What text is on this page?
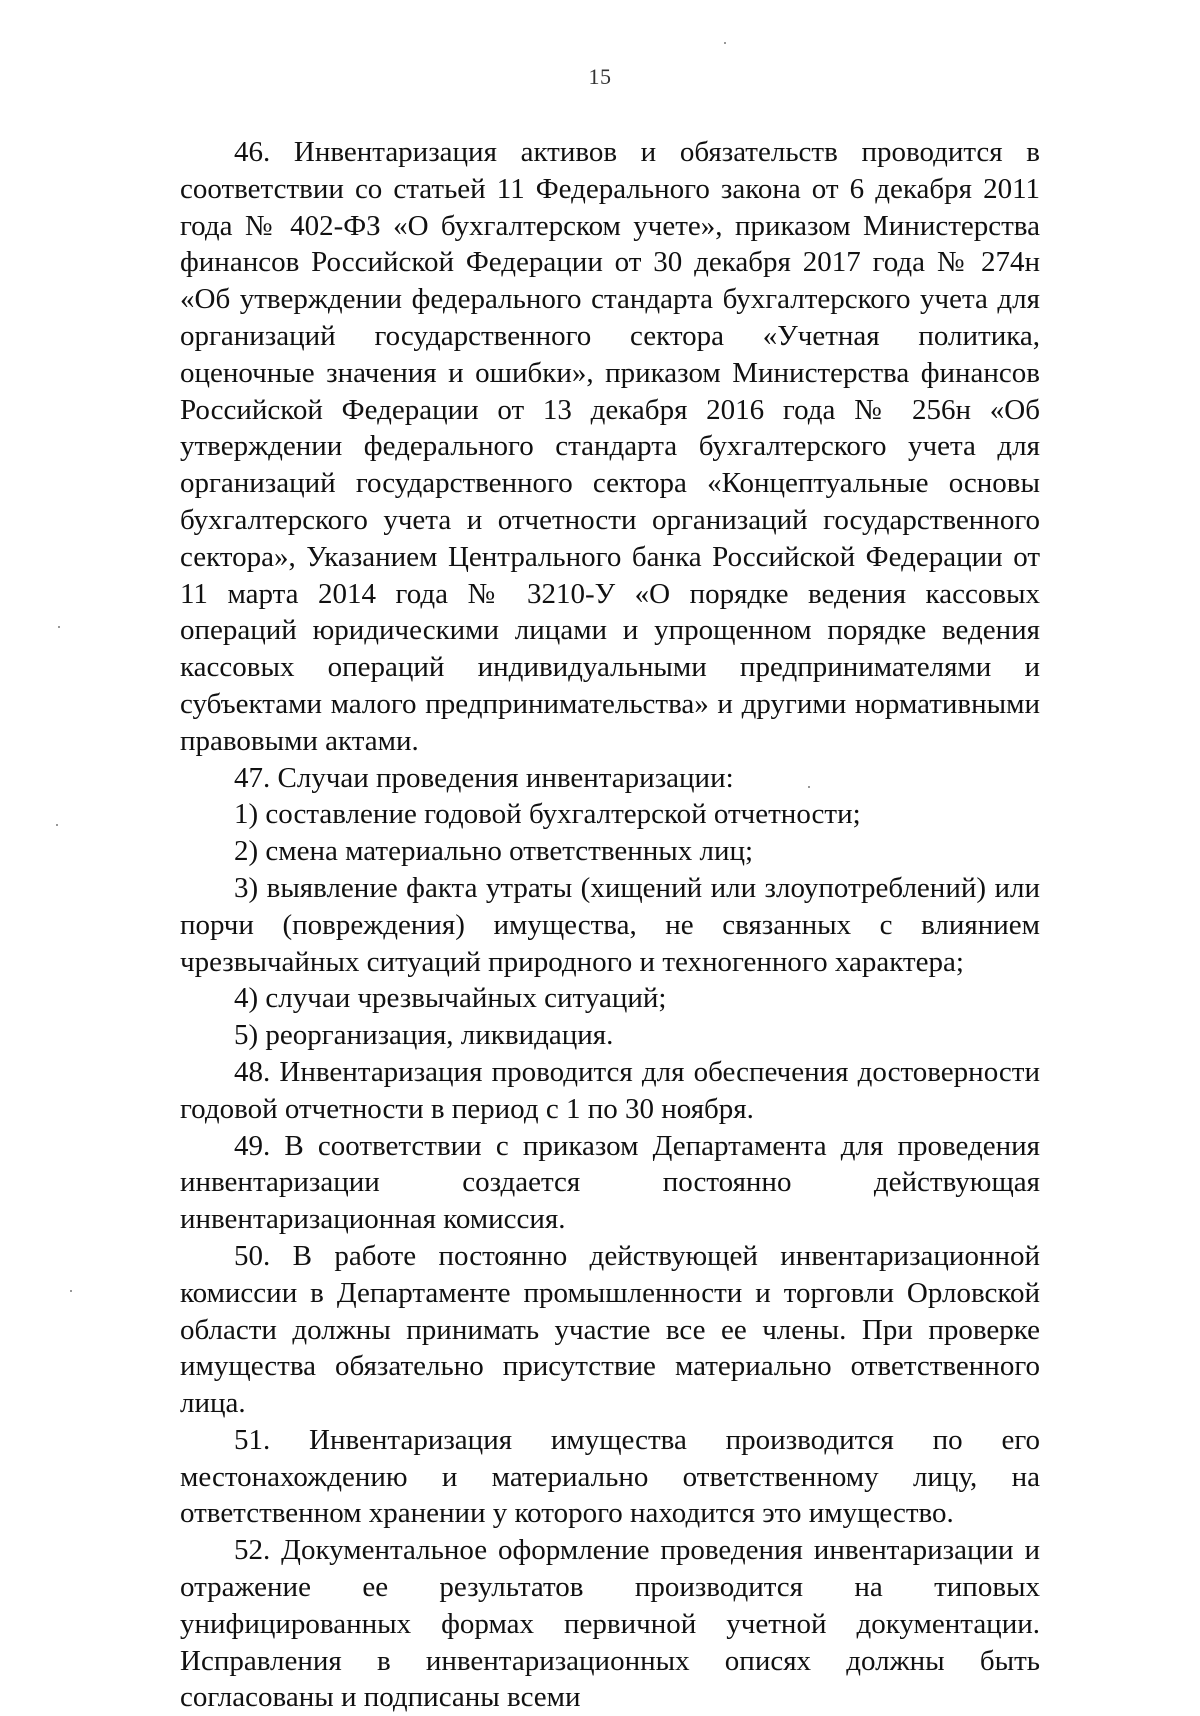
15

46. Инвентаризация активов и обязательств проводится в соответствии со статьей 11 Федерального закона от 6 декабря 2011 года № 402-ФЗ «О бухгалтерском учете», приказом Министерства финансов Российской Федерации от 30 декабря 2017 года № 274н «Об утверждении федерального стандарта бухгалтерского учета для организаций государственного сектора «Учетная политика, оценочные значения и ошибки», приказом Министерства финансов Российской Федерации от 13 декабря 2016 года № 256н «Об утверждении федерального стандарта бухгалтерского учета для организаций государственного сектора «Концептуальные основы бухгалтерского учета и отчетности организаций государственного сектора», Указанием Центрального банка Российской Федерации от 11 марта 2014 года № 3210-У «О порядке ведения кассовых операций юридическими лицами и упрощенном порядке ведения кассовых операций индивидуальными предпринимателями и субъектами малого предпринимательства» и другими нормативными правовыми актами.

47. Случаи проведения инвентаризации:

1) составление годовой бухгалтерской отчетности;

2) смена материально ответственных лиц;

3) выявление факта утраты (хищений или злоупотреблений) или порчи (повреждения) имущества, не связанных с влиянием чрезвычайных ситуаций природного и техногенного характера;

4) случаи чрезвычайных ситуаций;

5) реорганизация, ликвидация.

48. Инвентаризация проводится для обеспечения достоверности годовой отчетности в период с 1 по 30 ноября.

49. В соответствии с приказом Департамента для проведения инвентаризации создается постоянно действующая инвентаризационная комиссия.

50. В работе постоянно действующей инвентаризационной комиссии в Департаменте промышленности и торговли Орловской области должны принимать участие все ее члены. При проверке имущества обязательно присутствие материально ответственного лица.

51. Инвентаризация имущества производится по его местонахождению и материально ответственному лицу, на ответственном хранении у которого находится это имущество.

52. Документальное оформление проведения инвентаризации и отражение ее результатов производится на типовых унифицированных формах первичной учетной документации. Исправления в инвентаризационных описях должны быть согласованы и подписаны всеми
